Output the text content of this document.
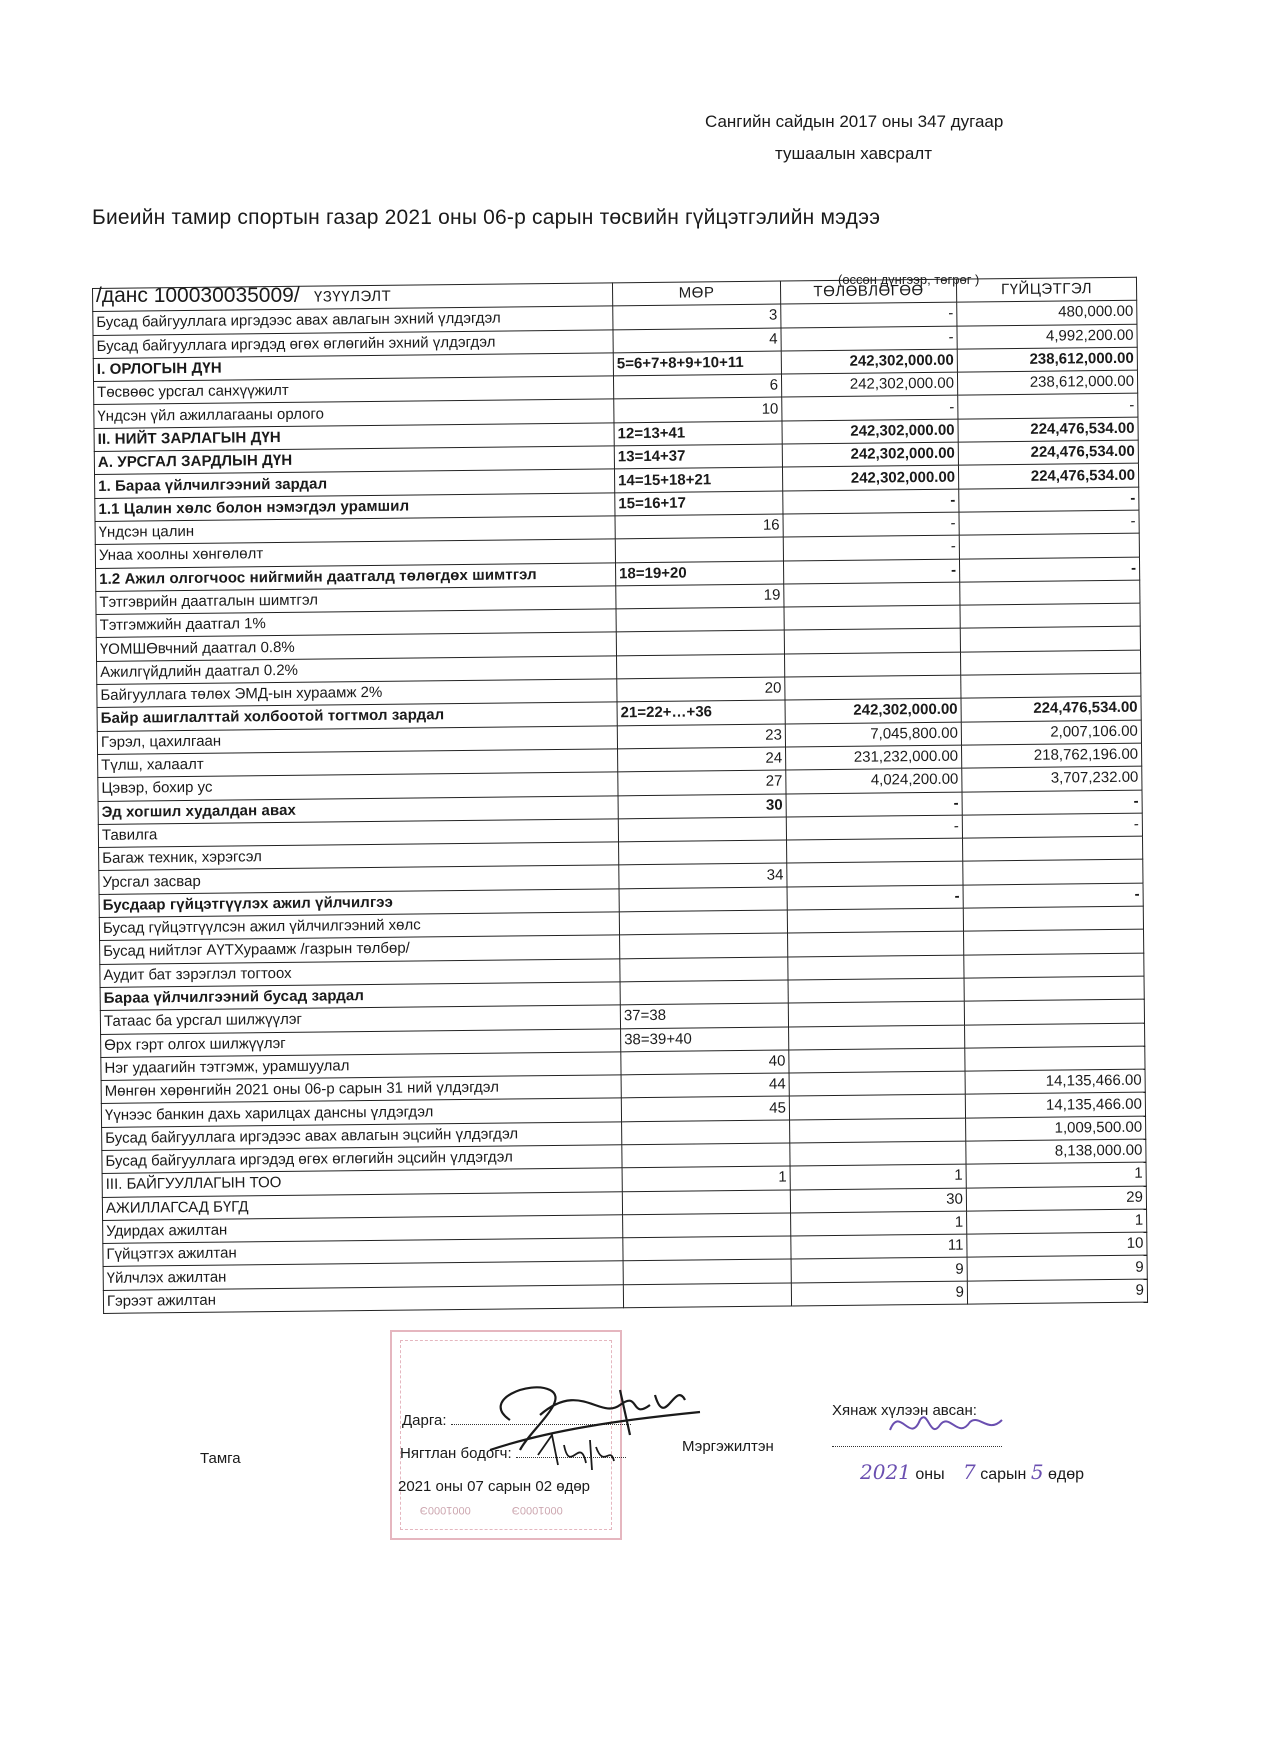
Сангийн сайдын 2017 оны 347 дугаар
тушаалын хавсралт
Биеийн тамир спортын газар 2021 оны 06-р сарын төсвийн гүйцэтгэлийн мэдээ
/данс 100030035009/
(өссөн дүнгээр, төгрөг )
ҮЗҮҮЛЭЛТ	МӨР	ТӨЛӨВЛӨГӨӨ	ГҮЙЦЭТГЭЛ
Бусад байгууллага иргэдээс авах авлагын эхний үлдэгдэл	3	-	480,000.00
Бусад байгууллага иргэдэд өгөх өглөгийн эхний үлдэгдэл	4	-	4,992,200.00
I. ОРЛОГЫН ДҮН	5=6+7+8+9+10+11	242,302,000.00	238,612,000.00
Төсвөөс урсгал санхүүжилт	6	242,302,000.00	238,612,000.00
Үндсэн үйл ажиллагааны орлого	10	-	-
II. НИЙТ ЗАРЛАГЫН ДҮН	12=13+41	242,302,000.00	224,476,534.00
А. УРСГАЛ ЗАРДЛЫН ДҮН	13=14+37	242,302,000.00	224,476,534.00
1. Бараа үйлчилгээний зардал	14=15+18+21	242,302,000.00	224,476,534.00
1.1 Цалин хөлс болон нэмэгдэл урамшил	15=16+17	-	-
Үндсэн цалин	16	-	-
Унаа хоолны хөнгөлөлт		-	
1.2 Ажил олгогчоос нийгмийн даатгалд төлөгдөх шимтгэл	18=19+20	-	-
Тэтгэврийн даатгалын шимтгэл	19		
Тэтгэмжийн даатгал 1%			
ҮОМШӨвчний даатгал 0.8%			
Ажилгүйдлийн даатгал 0.2%			
Байгууллага төлөх ЭМД-ын хураамж 2%	20		
Байр ашиглалттай холбоотой тогтмол зардал	21=22+…+36	242,302,000.00	224,476,534.00
Гэрэл, цахилгаан	23	7,045,800.00	2,007,106.00
Түлш, халаалт	24	231,232,000.00	218,762,196.00
Цэвэр, бохир ус	27	4,024,200.00	3,707,232.00
Эд хогшил худалдан авах	30	-	-
Тавилга		-	-
Багаж техник, хэрэгсэл			
Урсгал засвар	34		
Бусдаар гүйцэтгүүлэх ажил үйлчилгээ		-	-
Бусад гүйцэтгүүлсэн ажил үйлчилгээний хөлс			
Бусад нийтлэг АҮТХураамж /газрын төлбөр/			
Аудит бат зэрэглэл тогтоох			
Бараа үйлчилгээний бусад зардал			
Татаас ба урсгал шилжүүлэг	37=38		
Өрх гэрт олгох шилжүүлэг	38=39+40		
Нэг удаагийн тэтгэмж, урамшуулал	40		
Мөнгөн хөрөнгийн 2021 оны 06-р сарын 31 ний үлдэгдэл	44		14,135,466.00
Үүнээс банкин дахь харилцах дансны үлдэгдэл	45		14,135,466.00
Бусад байгууллага иргэдээс авах авлагын эцсийн үлдэгдэл			1,009,500.00
Бусад байгууллага иргэдэд өгөх өглөгийн эцсийн үлдэгдэл			8,138,000.00
III. БАЙГУУЛЛАГЫН ТОО	1	1	1
АЖИЛЛАГСАД БҮГД		30	29
Удирдах ажилтан		1	1
Гүйцэтгэх ажилтан		11	10
Үйлчлэх ажилтан		9	9
Гэрээт ажилтан		9	9
0001000Э	0001000Э
Тамга
Дарга:
Нягтлан бодогч:
2021 оны 07 сарын 02 өдөр
Мэргэжилтэн
Хянаж хүлээн авсан:
2021 оны 7 сарын 5 өдөр
